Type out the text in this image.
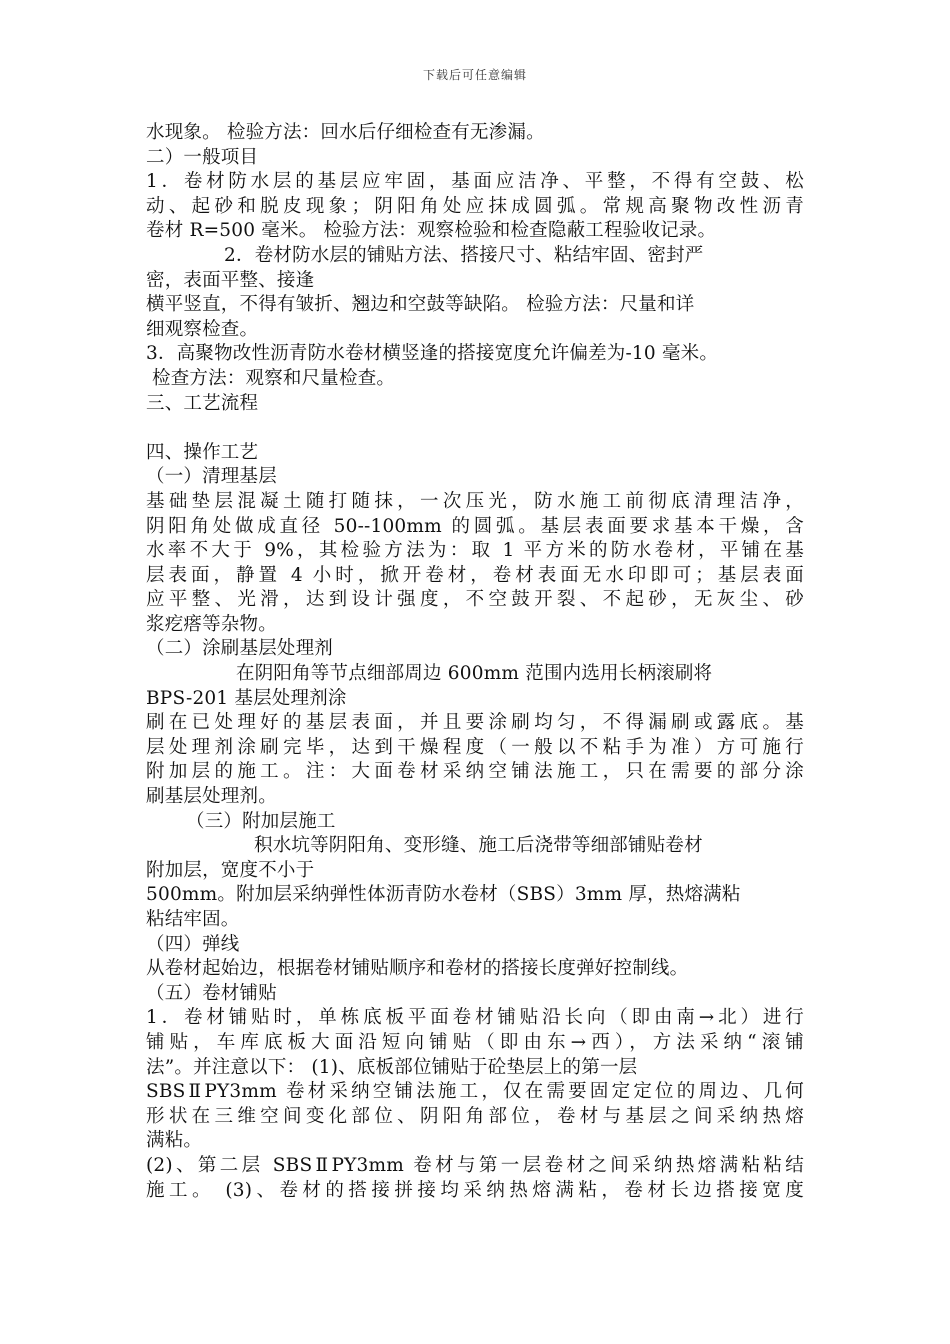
下载后可任意编辑
水现象。 检验方法：回水后仔细检查有无渗漏。
二）一般项目
1．卷材防水层的基层应牢固，基面应洁净、平整，不得有空鼓、松
动、起砂和脱皮现象；阴阳角处应抹成圆弧。常规高聚物改性沥青
卷材 R=500 毫米。 检验方法：观察检验和检查隐蔽工程验收记录。
2．卷材防水层的铺贴方法、搭接尺寸、粘结牢固、密封严
密，表面平整、接逢
横平竖直，不得有皱折、翘边和空鼓等缺陷。 检验方法：尺量和详
细观察检查。
3．高聚物改性沥青防水卷材横竖逢的搭接宽度允许偏差为-10 毫米。
检查方法：观察和尺量检查。
三、工艺流程
四、操作工艺
（一）清理基层
基础垫层混凝土随打随抹，一次压光，防水施工前彻底清理洁净，
阴阳角处做成直径 50--100mm 的圆弧。基层表面要求基本干燥，含
水率不大于 9%，其检验方法为：取 1 平方米的防水卷材，平铺在基
层表面，静置 4 小时，掀开卷材，卷材表面无水印即可；基层表面
应平整、光滑，达到设计强度，不空鼓开裂、不起砂，无灰尘、砂
浆疙瘩等杂物。
（二）涂刷基层处理剂
在阴阳角等节点细部周边 600mm 范围内选用长柄滚刷将
BPS-201 基层处理剂涂
刷在已处理好的基层表面，并且要涂刷均匀，不得漏刷或露底。基
层处理剂涂刷完毕，达到干燥程度（一般以不粘手为准）方可施行
附加层的施工。注：大面卷材采纳空铺法施工，只在需要的部分涂
刷基层处理剂。
（三）附加层施工
积水坑等阴阳角、变形缝、施工后浇带等细部铺贴卷材
附加层，宽度不小于
500mm。附加层采纳弹性体沥青防水卷材（SBS）3mm 厚，热熔满粘
粘结牢固。
（四）弹线
从卷材起始边，根据卷材铺贴顺序和卷材的搭接长度弹好控制线。
（五）卷材铺贴
1．卷材铺贴时，单栋底板平面卷材铺贴沿长向（即由南→北）进行
铺贴，车库底板大面沿短向铺贴（即由东→西），方法采纳“滚铺
法”。并注意以下： (1)、底板部位铺贴于砼垫层上的第一层
SBSⅡPY3mm 卷材采纳空铺法施工，仅在需要固定定位的周边、几何
形状在三维空间变化部位、阴阳角部位，卷材与基层之间采纳热熔
满粘。
(2)、第二层 SBSⅡPY3mm 卷材与第一层卷材之间采纳热熔满粘粘结
施工。 (3)、卷材的搭接拼接均采纳热熔满粘，卷材长边搭接宽度
